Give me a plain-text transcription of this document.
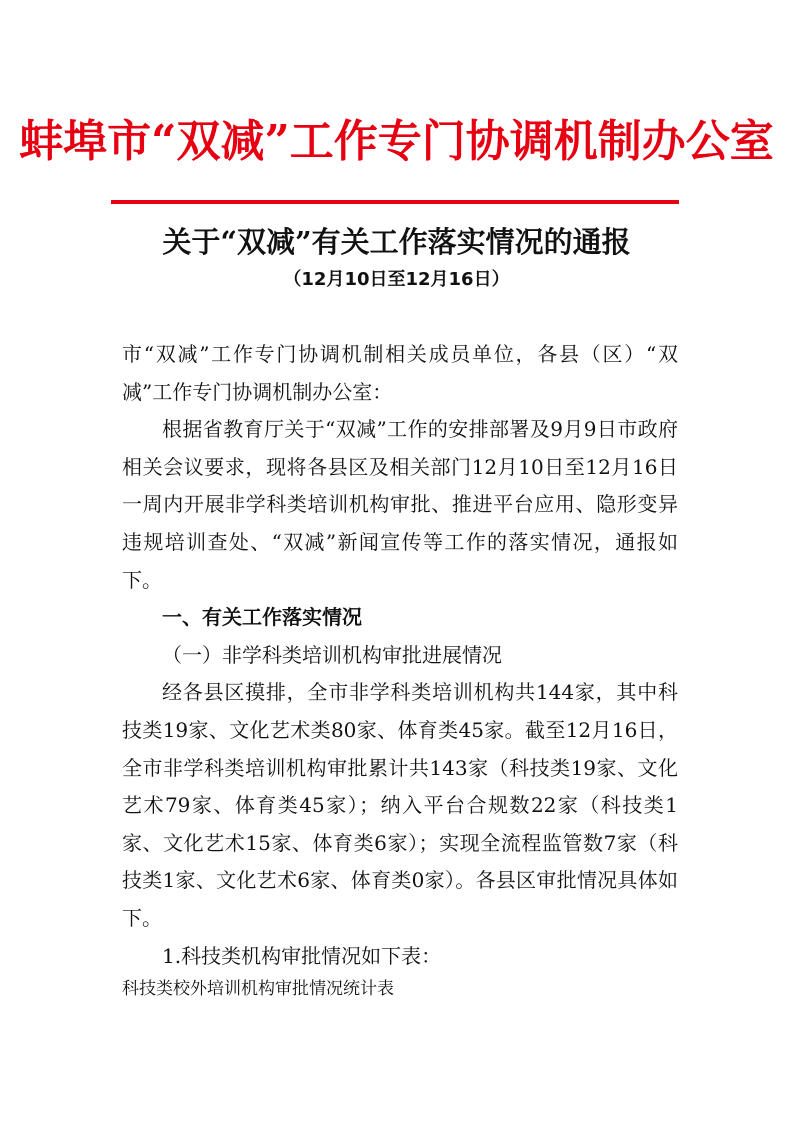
蚌埠市“双减”工作专门协调机制办公室
关于“双减”有关工作落实情况的通报
（12月10日至12月16日）

市“双减”工作专门协调机制相关成员单位，各县（区）“双减”工作专门协调机制办公室：

根据省教育厅关于“双减”工作的安排部署及9月9日市政府相关会议要求，现将各县区及相关部门12月10日至12月16日一周内开展非学科类培训机构审批、推进平台应用、隐形变异违规培训查处、“双减”新闻宣传等工作的落实情况，通报如下。

一、有关工作落实情况

（一）非学科类培训机构审批进展情况

经各县区摸排，全市非学科类培训机构共144家，其中科技类19家、文化艺术类80家、体育类45家。截至12月16日，全市非学科类培训机构审批累计共143家（科技类19家、文化艺术79家、体育类45家）；纳入平台合规数22家（科技类1家、文化艺术15家、体育类6家）；实现全流程监管数7家（科技类1家、文化艺术6家、体育类0家）。各县区审批情况具体如下。

1.科技类机构审批情况如下表：

科技类校外培训机构审批情况统计表
